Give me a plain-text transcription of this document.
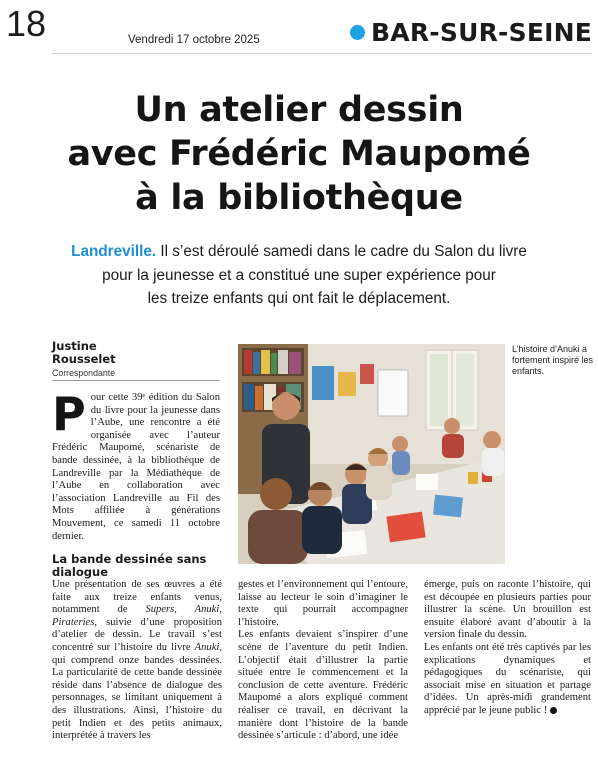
18	Vendredi 17 octobre 2025	BAR-SUR-SEINE
Un atelier dessin
avec Frédéric Maupomé
à la bibliothèque
Landreville. Il s’est déroulé samedi dans le cadre du Salon du livre
pour la jeunesse et a constitué une super expérience pour
les treize enfants qui ont fait le déplacement.
Justine
Rousselet
Correspondante
P our cette 39ᵉ édition du Salon du livre pour la jeunesse dans l’Aube, une rencontre a été organisée avec l’auteur Frédéric Maupomé, scénariste de bande dessinée, à la bibliothèque de Landreville par la Médiathèque de l’Aube en collaboration avec l’association Landreville au Fil des Mots affiliée à générations Mouvement, ce samedi 11 octobre dernier.
La bande dessinée sans dialogue
Une présentation de ses œuvres a été faite aux treize enfants venus, notamment de Supers, Anuki, Pirateries, suivie d’une proposition d’atelier de dessin. Le travail s’est concentré sur l’histoire du livre Anuki, qui comprend onze bandes dessinées. La particularité de cette bande dessinée réside dans l’absence de dialogue des personnages, se limitant uniquement à des illustrations. Ainsi, l’histoire du petit Indien et des petits animaux, interprétée à travers les

gestes et l’environnement qui l’entoure, laisse au lecteur le soin d’imaginer le texte qui pourrait accompagner l’histoire.

Les enfants devaient s’inspirer d’une scène de l’aventure du petit Indien. L’objectif était d’illustrer la partie située entre le commencement et la conclusion de cette aventure. Frédéric Maupomé a alors expliqué comment réaliser ce travail, en décrivant la manière dont l’histoire de la bande dessinée s’articule : d’abord, une idée

émerge, puis on raconte l’histoire, qui est découpée en plusieurs parties pour illustrer la scène. Un brouillon est ensuite élaboré avant d’aboutir à la version finale du dessin.

Les enfants ont été très captivés par les explications dynamiques et pédagogiques du scénariste, qui associait mise en situation et partage d’idées. Un après-midi grandement apprécié par le jeune public !

L’histoire d’Anuki a fortement inspiré les enfants.
